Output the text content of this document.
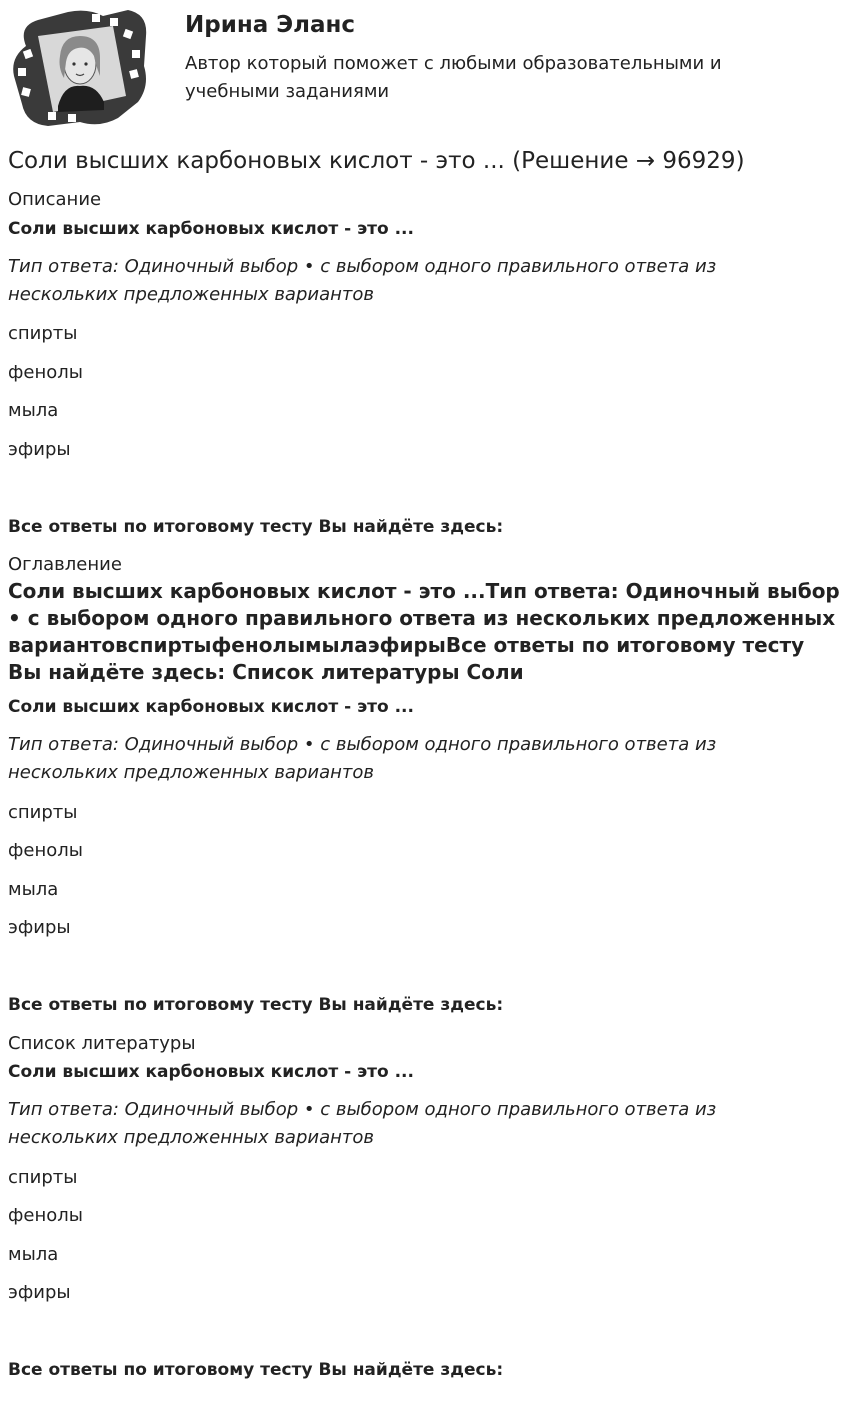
Ирина Эланс
Автор который поможет с любыми образовательными и учебными заданиями
Соли высших карбоновых кислот - это ... (Решение → 96929)
Описание
Соли высших карбоновых кислот - это ...
Тип ответа: Одиночный выбор • с выбором одного правильного ответа из нескольких предложенных вариантов
спирты
фенолы
мыла
эфиры
Все ответы по итоговому тесту Вы найдёте здесь:
Оглавление
Соли высших карбоновых кислот - это ...Тип ответа: Одиночный выбор • с выбором одного правильного ответа из нескольких предложенных вариантовспиртыфенолымылаэфирыВсе ответы по итоговому тесту Вы найдёте здесь: Список литературы Соли
Соли высших карбоновых кислот - это ...
Тип ответа: Одиночный выбор • с выбором одного правильного ответа из нескольких предложенных вариантов
спирты
фенолы
мыла
эфиры
Все ответы по итоговому тесту Вы найдёте здесь:
Список литературы
Соли высших карбоновых кислот - это ...
Тип ответа: Одиночный выбор • с выбором одного правильного ответа из нескольких предложенных вариантов
спирты
фенолы
мыла
эфиры
Все ответы по итоговому тесту Вы найдёте здесь:
